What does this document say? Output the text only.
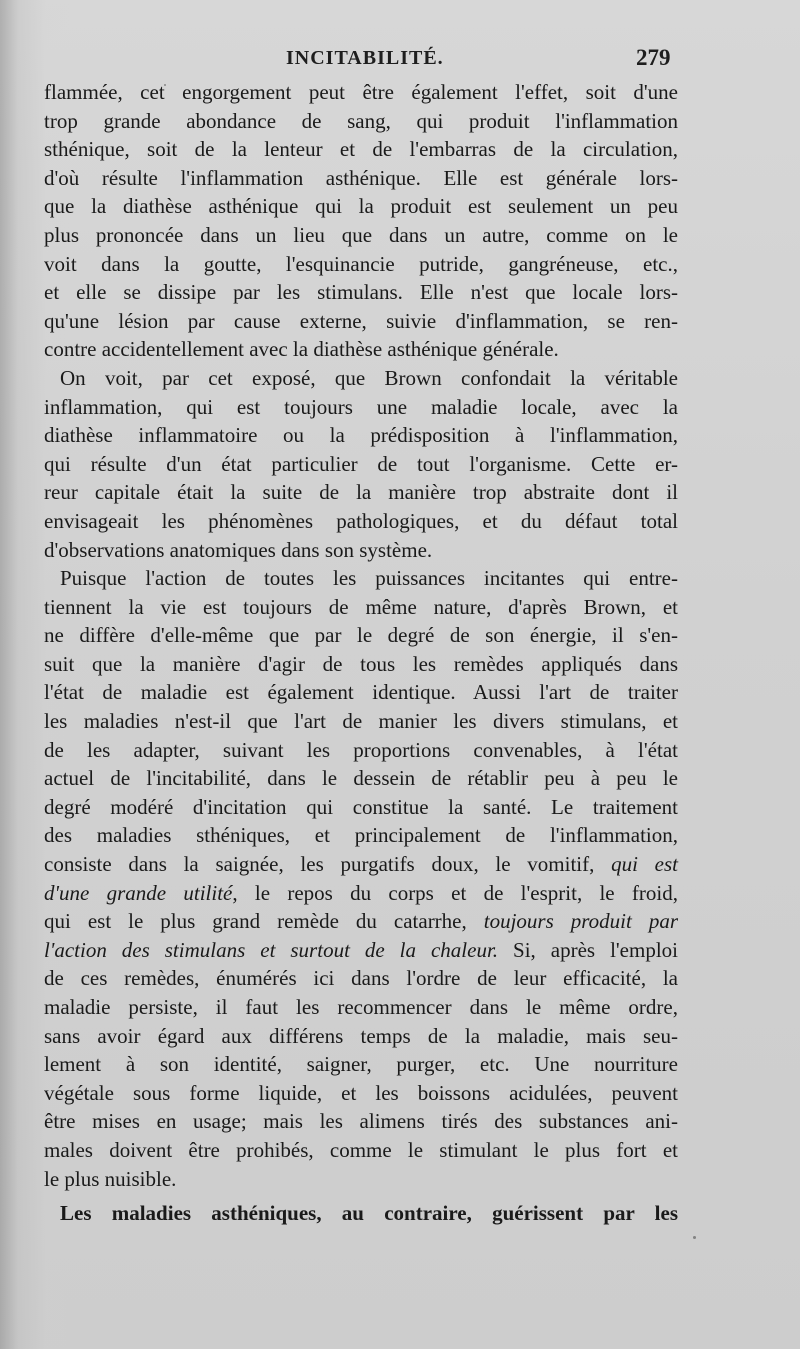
INCITABILITÉ.	279
flammée, cet engorgement peut être également l'effet, soit d'une
trop grande abondance de sang, qui produit l'inflammation
sthénique, soit de la lenteur et de l'embarras de la circulation,
d'où résulte l'inflammation asthénique. Elle est générale lors-
que la diathèse asthénique qui la produit est seulement un peu
plus prononcée dans un lieu que dans un autre, comme on le
voit dans la goutte, l'esquinancie putride, gangréneuse, etc.,
et elle se dissipe par les stimulans. Elle n'est que locale lors-
qu'une lésion par cause externe, suivie d'inflammation, se ren-
contre accidentellement avec la diathèse asthénique générale.
On voit, par cet exposé, que Brown confondait la véritable
inflammation, qui est toujours une maladie locale, avec la
diathèse inflammatoire ou la prédisposition à l'inflammation,
qui résulte d'un état particulier de tout l'organisme. Cette er-
reur capitale était la suite de la manière trop abstraite dont il
envisageait les phénomènes pathologiques, et du défaut total
d'observations anatomiques dans son système.
Puisque l'action de toutes les puissances incitantes qui entre-
tiennent la vie est toujours de même nature, d'après Brown, et
ne diffère d'elle-même que par le degré de son énergie, il s'en-
suit que la manière d'agir de tous les remèdes appliqués dans
l'état de maladie est également identique. Aussi l'art de traiter
les maladies n'est-il que l'art de manier les divers stimulans, et
de les adapter, suivant les proportions convenables, à l'état
actuel de l'incitabilité, dans le dessein de rétablir peu à peu le
degré modéré d'incitation qui constitue la santé. Le traitement
des maladies sthéniques, et principalement de l'inflammation,
consiste dans la saignée, les purgatifs doux, le vomitif, qui est
d'une grande utilité, le repos du corps et de l'esprit, le froid,
qui est le plus grand remède du catarrhe, toujours produit par
l'action des stimulans et surtout de la chaleur. Si, après l'emploi
de ces remèdes, énumérés ici dans l'ordre de leur efficacité, la
maladie persiste, il faut les recommencer dans le même ordre,
sans avoir égard aux différens temps de la maladie, mais seu-
lement à son identité, saigner, purger, etc. Une nourriture
végétale sous forme liquide, et les boissons acidulées, peuvent
être mises en usage; mais les alimens tirés des substances ani-
males doivent être prohibés, comme le stimulant le plus fort et
le plus nuisible.
Les maladies asthéniques, au contraire, guérissent par les
